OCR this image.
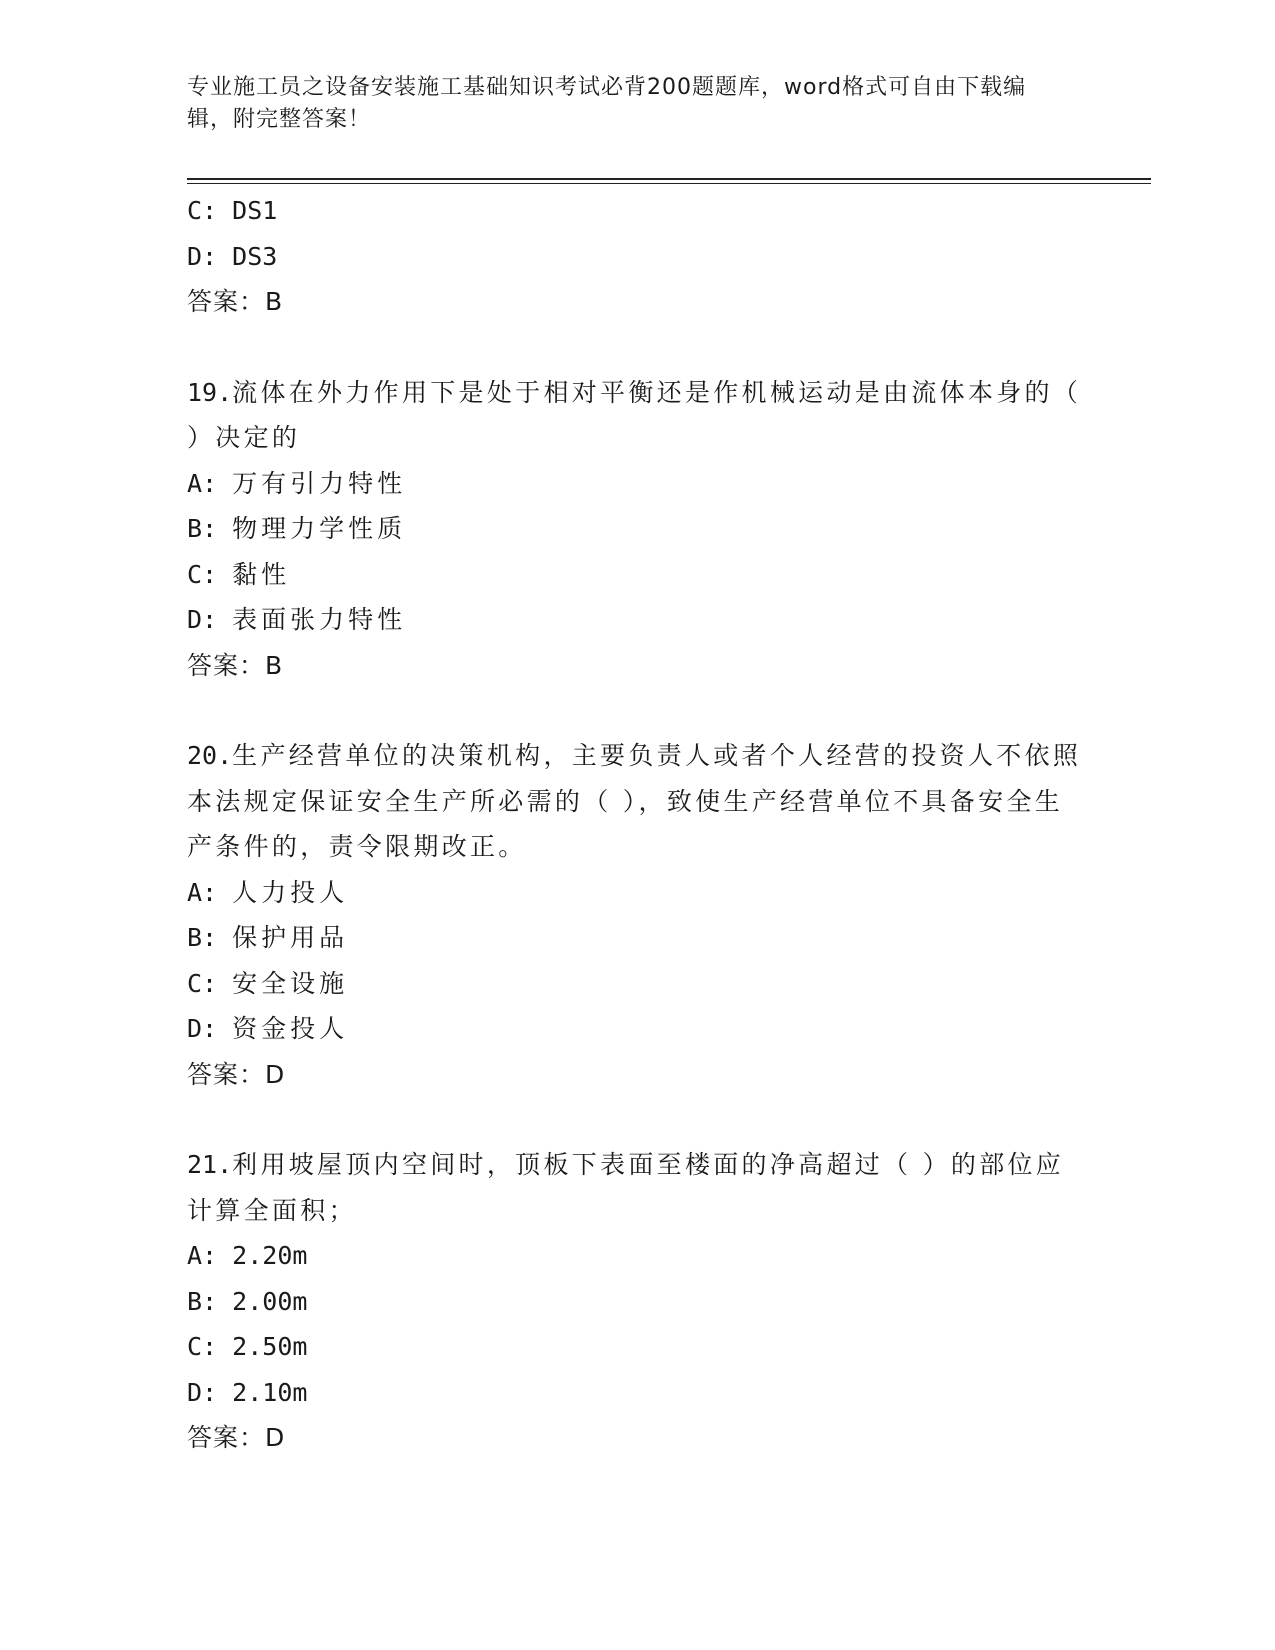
专业施工员之设备安装施工基础知识考试必背200题题库，word格式可自由下载编辑，附完整答案！
C: DS1
D: DS3
答案：B
19.流体在外力作用下是处于相对平衡还是作机械运动是由流体本身的（ ）决定的
A: 万有引力特性
B: 物理力学性质
C: 黏性
D: 表面张力特性
答案：B
20.生产经营单位的决策机构，主要负责人或者个人经营的投资人不依照本法规定保证安全生产所必需的（ ），致使生产经营单位不具备安全生产条件的，责令限期改正。
A: 人力投人
B: 保护用品
C: 安全设施
D: 资金投人
答案：D
21.利用坡屋顶内空间时，顶板下表面至楼面的净高超过（ ）的部位应计算全面积；
A: 2.20m
B: 2.00m
C: 2.50m
D: 2.10m
答案：D
